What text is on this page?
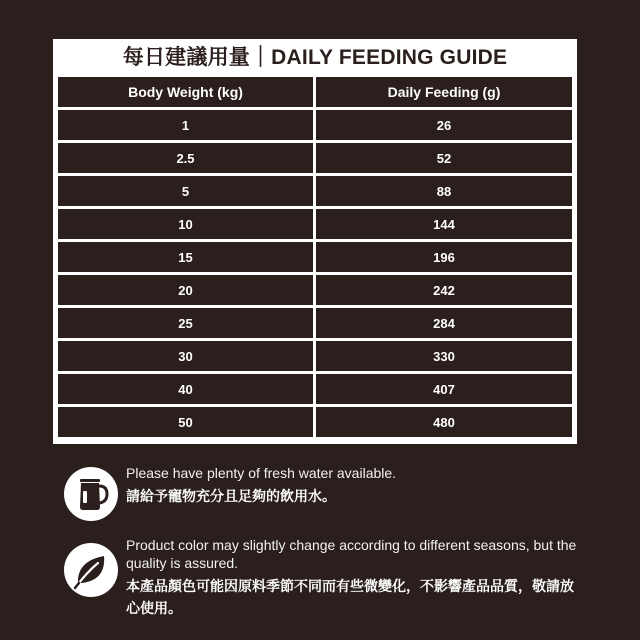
每日建議用量｜DAILY FEEDING GUIDE
Body Weight (kg)	Daily Feeding (g)
1	26
2.5	52
5	88
10	144
15	196
20	242
25	284
30	330
40	407
50	480
Please have plenty of fresh water available.
請給予寵物充分且足夠的飲用水。
Product color may slightly change according to different seasons, but the quality is assured.
本產品顏色可能因原料季節不同而有些微變化，不影響產品品質，敬請放心使用。
